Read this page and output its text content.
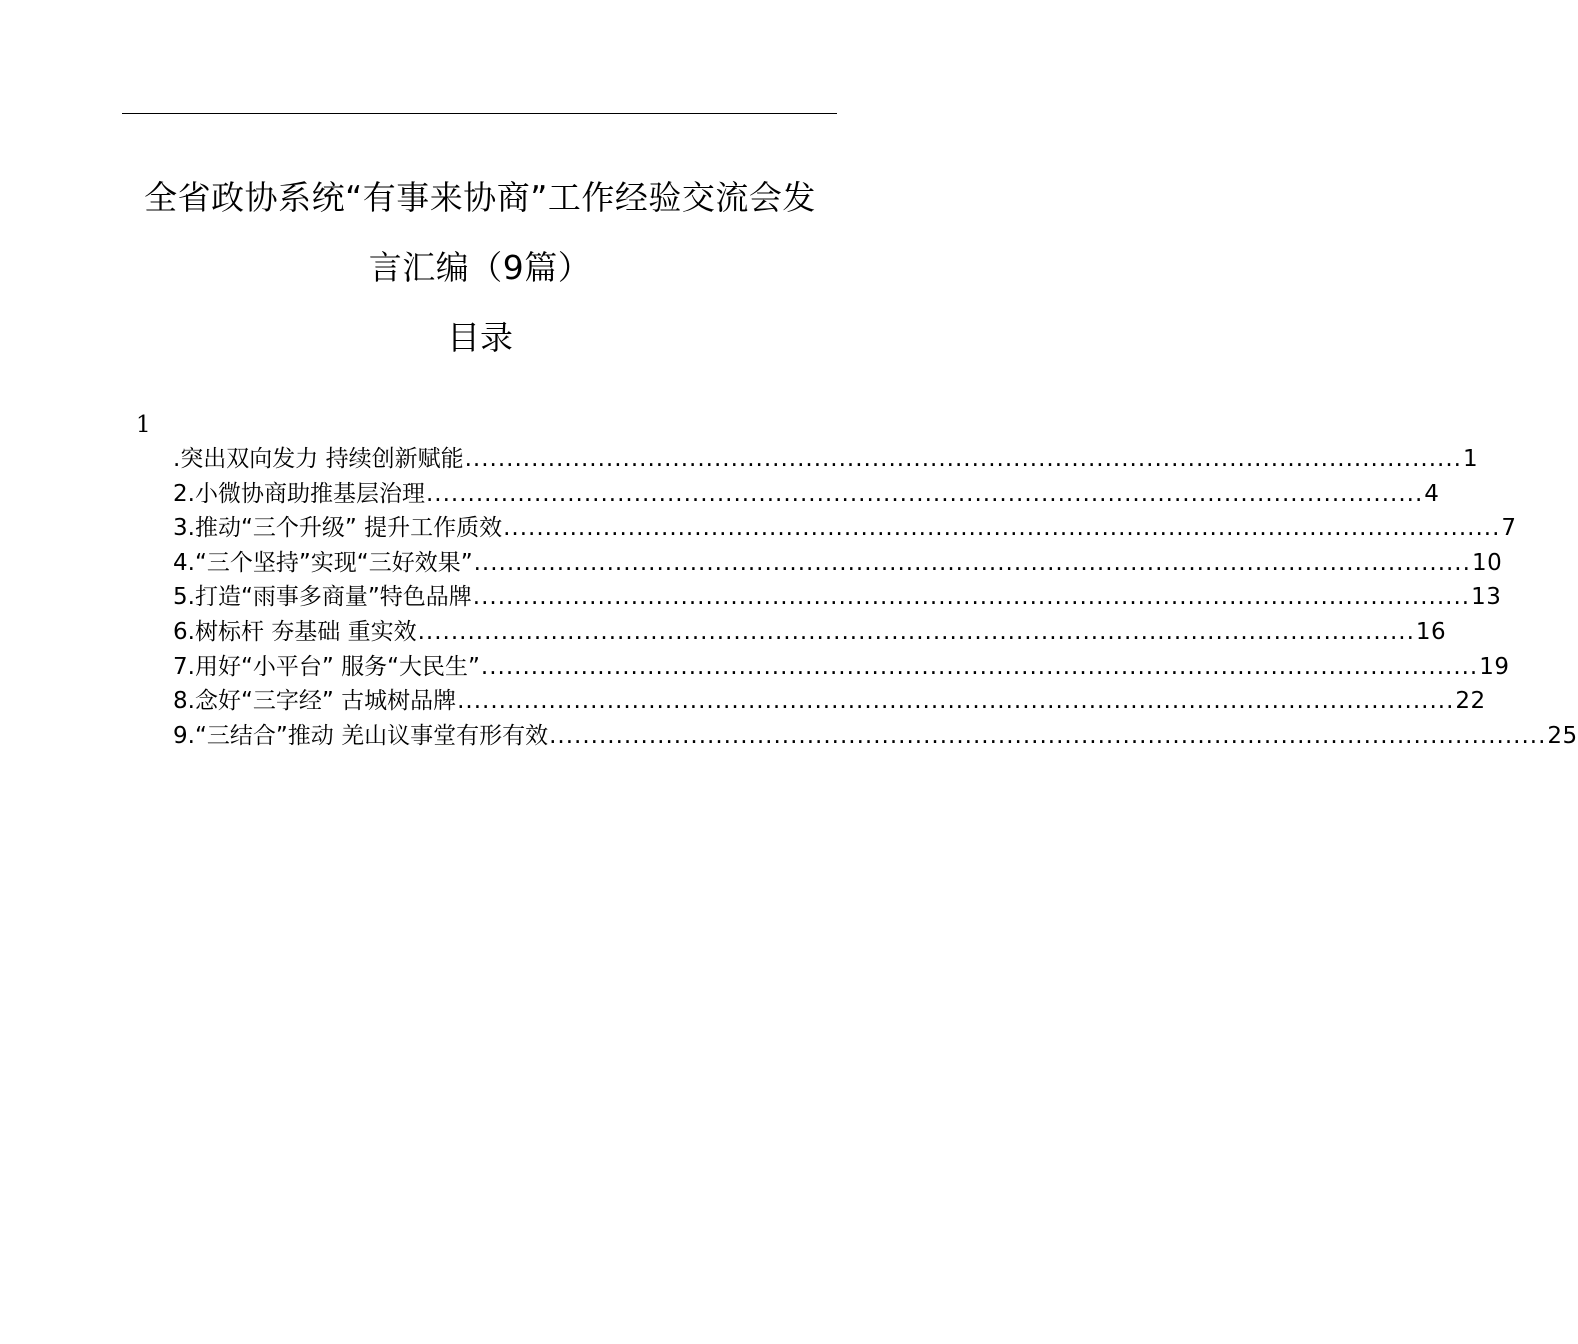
全省政协系统“有事来协商”工作经验交流会发
言汇编（9篇）
目录
1
.突出双向发力 持续创新赋能 ........................................................................................................................ 1
2.小微协商助推基层治理 ........................................................................................................................ 4
3.推动“三个升级” 提升工作质效 ........................................................................................................................ 7
4.“三个坚持”实现“三好效果” ........................................................................................................................ 10
5.打造“雨事多商量”特色品牌 ........................................................................................................................ 13
6.树标杆 夯基础 重实效 ........................................................................................................................ 16
7.用好“小平台” 服务“大民生” ........................................................................................................................ 19
8.念好“三字经” 古城树品牌 ........................................................................................................................ 22
9.“三结合”推动 羌山议事堂有形有效 ........................................................................................................................ 25
